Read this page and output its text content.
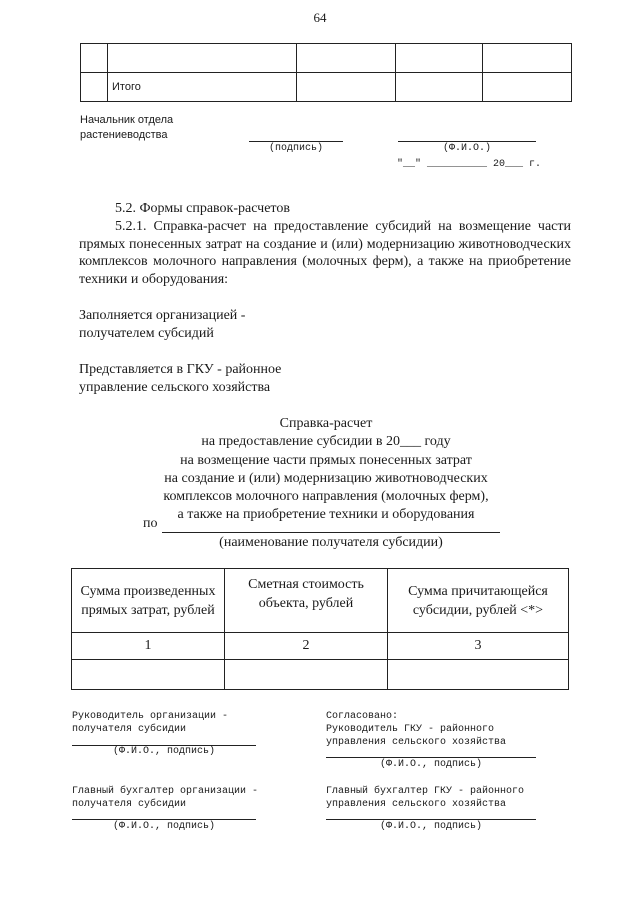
64

	Итого			
Начальник отдела
растениеводства
(подпись)	(Ф.И.О.)
"__" __________ 20___ г.
5.2. Формы справок-расчетов
5.2.1. Справка-расчет на предоставление субсидий на возмещение части прямых понесенных затрат на создание и (или) модернизацию животноводческих комплексов молочного направления (молочных ферм), а также на приобретение техники и оборудования:
Заполняется организацией -
получателем субсидий
Представляется в ГКУ - районное
управление сельского хозяйства
Справка-расчет
на предоставление субсидии в 20___ году
на возмещение части прямых понесенных затрат
на создание и (или) модернизацию животноводческих
комплексов молочного направления (молочных ферм),
а также на приобретение техники и оборудования
по
(наименование получателя субсидии)
Сумма произведенных прямых затрат, рублей	Сметная стоимость объекта, рублей	Сумма причитающейся субсидии, рублей <*>
1	2	3

Руководитель организации -
получателя субсидии
(Ф.И.О., подпись)
Согласовано:
Руководитель ГКУ - районного
управления сельского хозяйства
(Ф.И.О., подпись)
Главный бухгалтер организации -
получателя субсидии
(Ф.И.О., подпись)
Главный бухгалтер ГКУ - районного
управления сельского хозяйства
(Ф.И.О., подпись)
